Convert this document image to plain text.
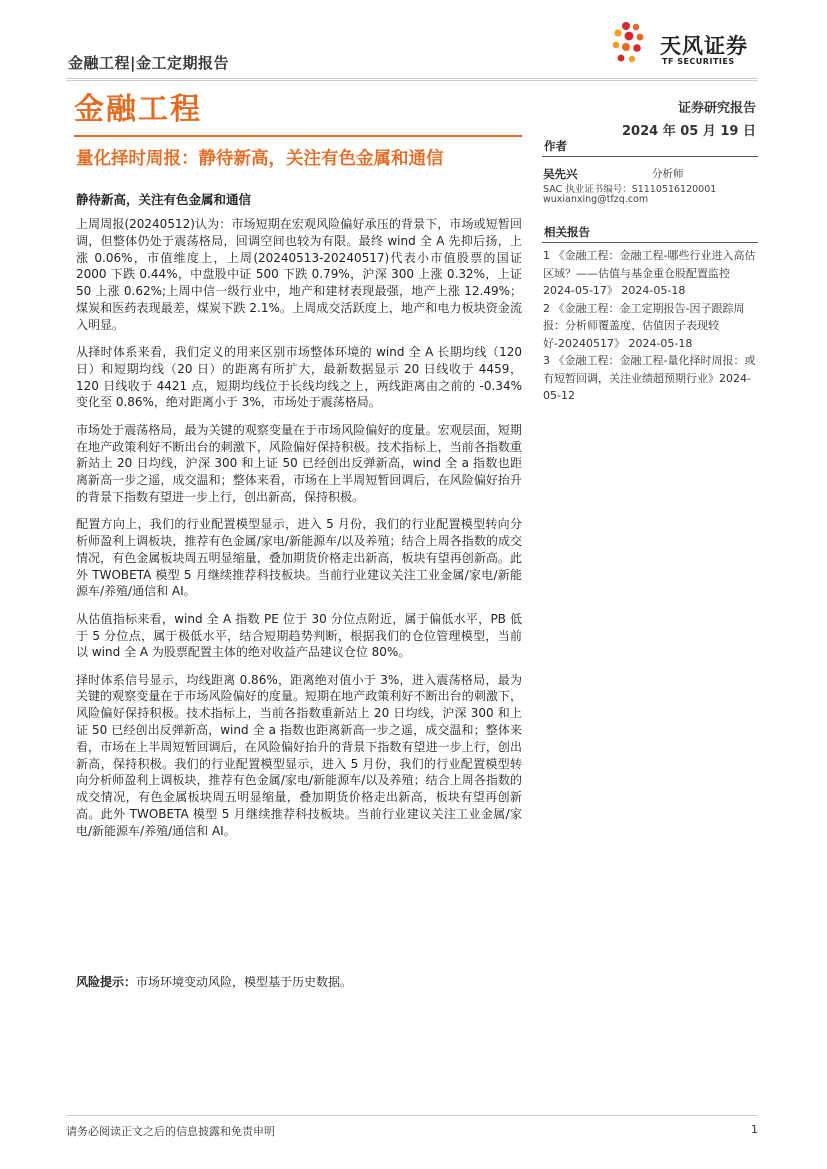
金融工程|金工定期报告
天风证券
TF SECURITIES
金融工程	证券研究报告
2024 年 05 月 19 日
量化择时周报：静待新高，关注有色金属和通信
静待新高，关注有色金属和通信

上周周报(20240512)认为：市场短期在宏观风险偏好承压的背景下，市场或短暂回调，但整体仍处于震荡格局，回调空间也较为有限。最终 wind 全 A 先抑后扬，上涨 0.06%，市值维度上，上周(20240513-20240517)代表小市值股票的国证 2000 下跌 0.44%，中盘股中证 500 下跌 0.79%，沪深 300 上涨 0.32%，上证 50 上涨 0.62%;上周中信一级行业中，地产和建材表现最强，地产上涨 12.49%；煤炭和医药表现最差，煤炭下跌 2.1%。上周成交活跃度上，地产和电力板块资金流入明显。

从择时体系来看，我们定义的用来区别市场整体环境的 wind 全 A 长期均线（120 日）和短期均线（20 日）的距离有所扩大，最新数据显示 20 日线收于 4459，120 日线收于 4421 点，短期均线位于长线均线之上，两线距离由之前的 -0.34%变化至 0.86%，绝对距离小于 3%，市场处于震荡格局。

市场处于震荡格局，最为关键的观察变量在于市场风险偏好的度量。宏观层面，短期在地产政策利好不断出台的刺激下，风险偏好保持积极。技术指标上，当前各指数重新站上 20 日均线，沪深 300 和上证 50 已经创出反弹新高，wind 全 a 指数也距离新高一步之遥，成交温和；整体来看，市场在上半周短暂回调后，在风险偏好抬升的背景下指数有望进一步上行，创出新高，保持积极。

配置方向上，我们的行业配置模型显示，进入 5 月份，我们的行业配置模型转向分析师盈利上调板块，推荐有色金属/家电/新能源车/以及养殖；结合上周各指数的成交情况，有色金属板块周五明显缩量，叠加期货价格走出新高，板块有望再创新高。此外 TWOBETA 模型 5 月继续推荐科技板块。当前行业建议关注工业金属/家电/新能源车/养殖/通信和 AI。

从估值指标来看，wind 全 A 指数 PE 位于 30 分位点附近，属于偏低水平，PB 低于 5 分位点，属于极低水平，结合短期趋势判断，根据我们的仓位管理模型，当前以 wind 全 A 为股票配置主体的绝对收益产品建议仓位 80%。

择时体系信号显示，均线距离 0.86%，距离绝对值小于 3%，进入震荡格局，最为关键的观察变量在于市场风险偏好的度量。短期在地产政策利好不断出台的刺激下，风险偏好保持积极。技术指标上，当前各指数重新站上 20 日均线，沪深 300 和上证 50 已经创出反弹新高，wind 全 a 指数也距离新高一步之遥，成交温和；整体来看，市场在上半周短暂回调后，在风险偏好抬升的背景下指数有望进一步上行，创出新高，保持积极。我们的行业配置模型显示，进入 5 月份，我们的行业配置模型转向分析师盈利上调板块，推荐有色金属/家电/新能源车/以及养殖；结合上周各指数的成交情况，有色金属板块周五明显缩量，叠加期货价格走出新高，板块有望再创新高。此外 TWOBETA 模型 5 月继续推荐科技板块。当前行业建议关注工业金属/家电/新能源车/养殖/通信和 AI。

风险提示：市场环境变动风险，模型基于历史数据。
作者
吴先兴	分析师
SAC 执业证书编号：S1110516120001
wuxianxing@tfzq.com
相关报告
1 《金融工程：金融工程-哪些行业进入高估区域？——估值与基金重仓股配置监控 2024-05-17》 2024-05-18
2 《金融工程：金工定期报告-因子跟踪周报：分析师覆盖度、估值因子表现较好-20240517》 2024-05-18
3 《金融工程：金融工程-量化择时周报：或有短暂回调，关注业绩超预期行业》2024-05-12
请务必阅读正文之后的信息披露和免责申明	1
